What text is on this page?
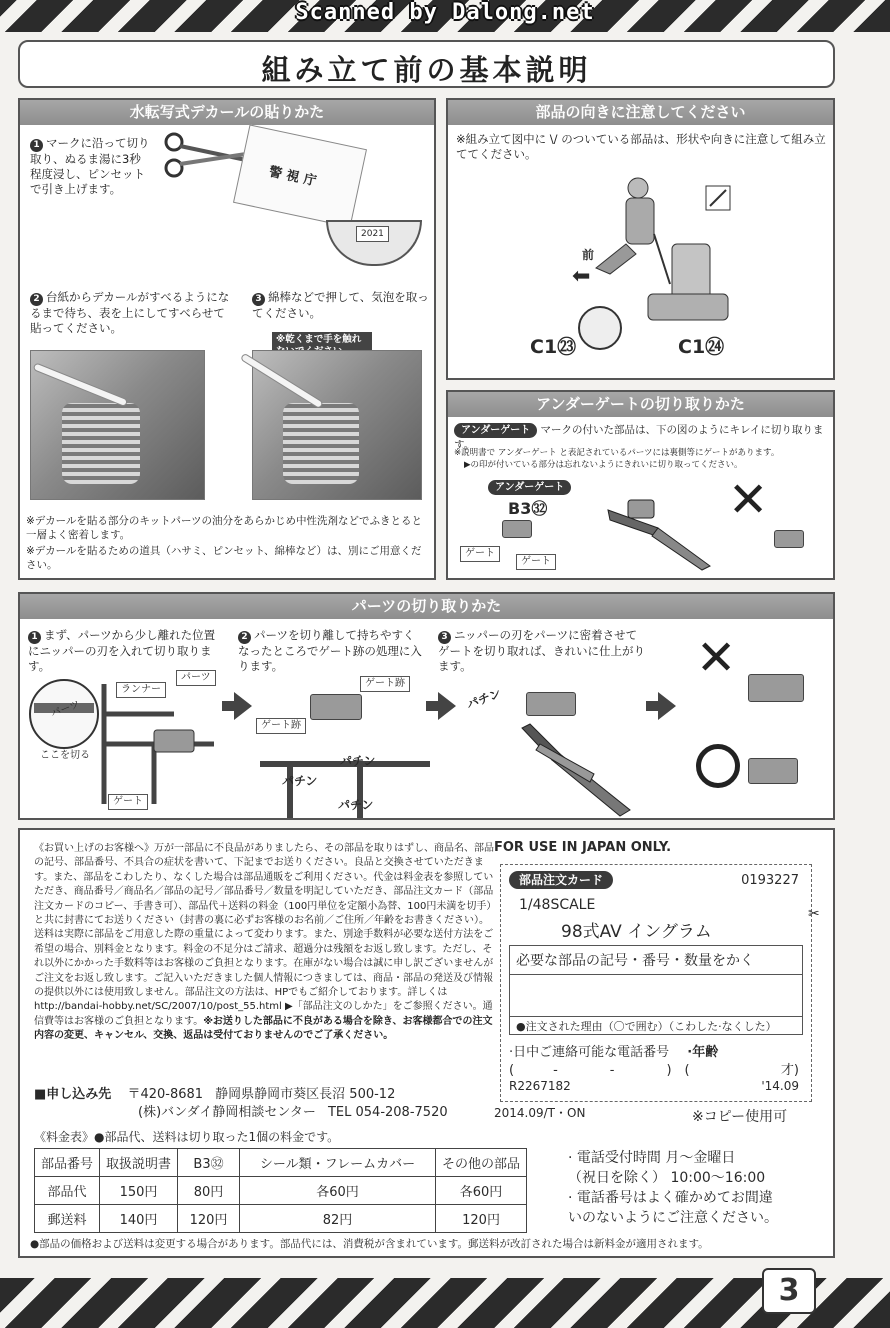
Scanned by Dalong.net
組み立て前の基本説明
水転写式デカールの貼りかた
1 マークに沿って切り取り、ぬるま湯に3秒程度浸し、ピンセットで引き上げます。	警 視 庁
2021
2 台紙からデカールがすべるようになるまで待ち、表を上にしてすべらせて貼ってください。
3 綿棒などで押して、気泡を取ってください。
※乾くまで手を触れ
※デカールを貼る部分のキットパーツの油分をあらかじめ中性洗剤などでふきとると一層よく密着します。
※デカールを貼るための道具（ハサミ、ピンセット、綿棒など）は、別にご用意ください。
部品の向きに注意してください
※組み立て図中に \/ のついている部品は、形状や向きに注意して組み立ててください。
前
⬅
C1㉓	C1㉔
アンダーゲートの切り取りかた
アンダーゲート マークの付いた部品は、下の図のようにキレイに切り取ります。
※説明書で アンダーゲート と表記されているパーツには裏側等にゲートがあります。
▶の印が付いている部分は忘れないようにきれいに切り取ってください。
アンダーゲート
B3㉜
ゲート
ゲート
✕
パーツの切り取りかた
1 まず、パーツから少し離れた位置にニッパーの刃を入れて切り取ります。
2 パーツを切り離して持ちやすくなったところでゲート跡の処理に入ります。
3 ニッパーの刃をパーツに密着させてゲートを切り取れば、きれいに仕上がります。
ランナー
パーツ
パーツ
ここを切る
ゲート
ゲート跡
ゲート跡
パチン
パチン
パチン
パチン
✕
《お買い上げのお客様へ》万が一部品に不良品がありましたら、その部品を取りはずし、商品名、部品の記号、部品番号、不具合の症状を書いて、下記までお送りください。良品と交換させていただきます。また、部品をこわしたり、なくした場合は部品通販をご利用ください。代金は料金表を参照していただき、商品番号／商品名／部品の記号／部品番号／数量を明記していただき、部品注文カード（部品注文カードのコピー、手書き可）、部品代＋送料の料金（100円単位を定額小為替、100円未満を切手）と共に封書にてお送りください（封書の裏に必ずお客様のお名前／ご住所／年齢をお書きください）。送料は実際に部品をご用意した際の重量によって変わります。また、別途手数料が必要な送付方法をご希望の場合、別料金となります。料金の不足分はご請求、超過分は残額をお返し致します。ただし、それ以外にかかった手数料等はお客様のご負担となります。在庫がない場合は誠に申し訳ございませんがご注文をお返し致します。ご記入いただきました個人情報につきましては、商品・部品の発送及び情報の提供以外には使用致しません。部品注文の方法は、HPでもご紹介しております。詳しくはhttp://bandai-hobby.net/SC/2007/10/post_55.html ▶「部品注文のしかた」をご参照ください。通信費等はお客様のご負担となります。※お送りした部品に不良がある場合を除き、お客様都合での注文内容の変更、キャンセル、交換、返品は受付ておりませんのでご了承ください。
■申し込み先 〒420-8681 静岡県静岡市葵区長沼 500-12
(株)バンダイ静岡相談センター TEL 054-208-7520
FOR USE IN JAPAN ONLY.
部品注文カード	0193227
1/48SCALE
98式AV イングラム
必要な部品の記号・番号・数量をかく
●注文された理由（〇で囲む）（こわした·なくした）
·日中ご連絡可能な電話番号 ·年齢
(　　　-　　　　-　　　　)　(	才)
R2267182	'14.09
✂
2014.09/T・ON	※コピー使用可
《料金表》●部品代、送料は切り取った1個の料金です。
部品番号	取扱説明書	B3㉜	シール類・フレームカバー	その他の部品
部品代	150円	80円	各60円	各60円
郵送料	140円	120円	82円	120円
· 電話受付時間 月～金曜日
（祝日を除く） 10:00～16:00
· 電話番号はよく確かめてお間違
いのないようにご注意ください。
●部品の価格および送料は変更する場合があります。部品代には、消費税が含まれています。郵送料が改訂された場合は新料金が適用されます。
3
